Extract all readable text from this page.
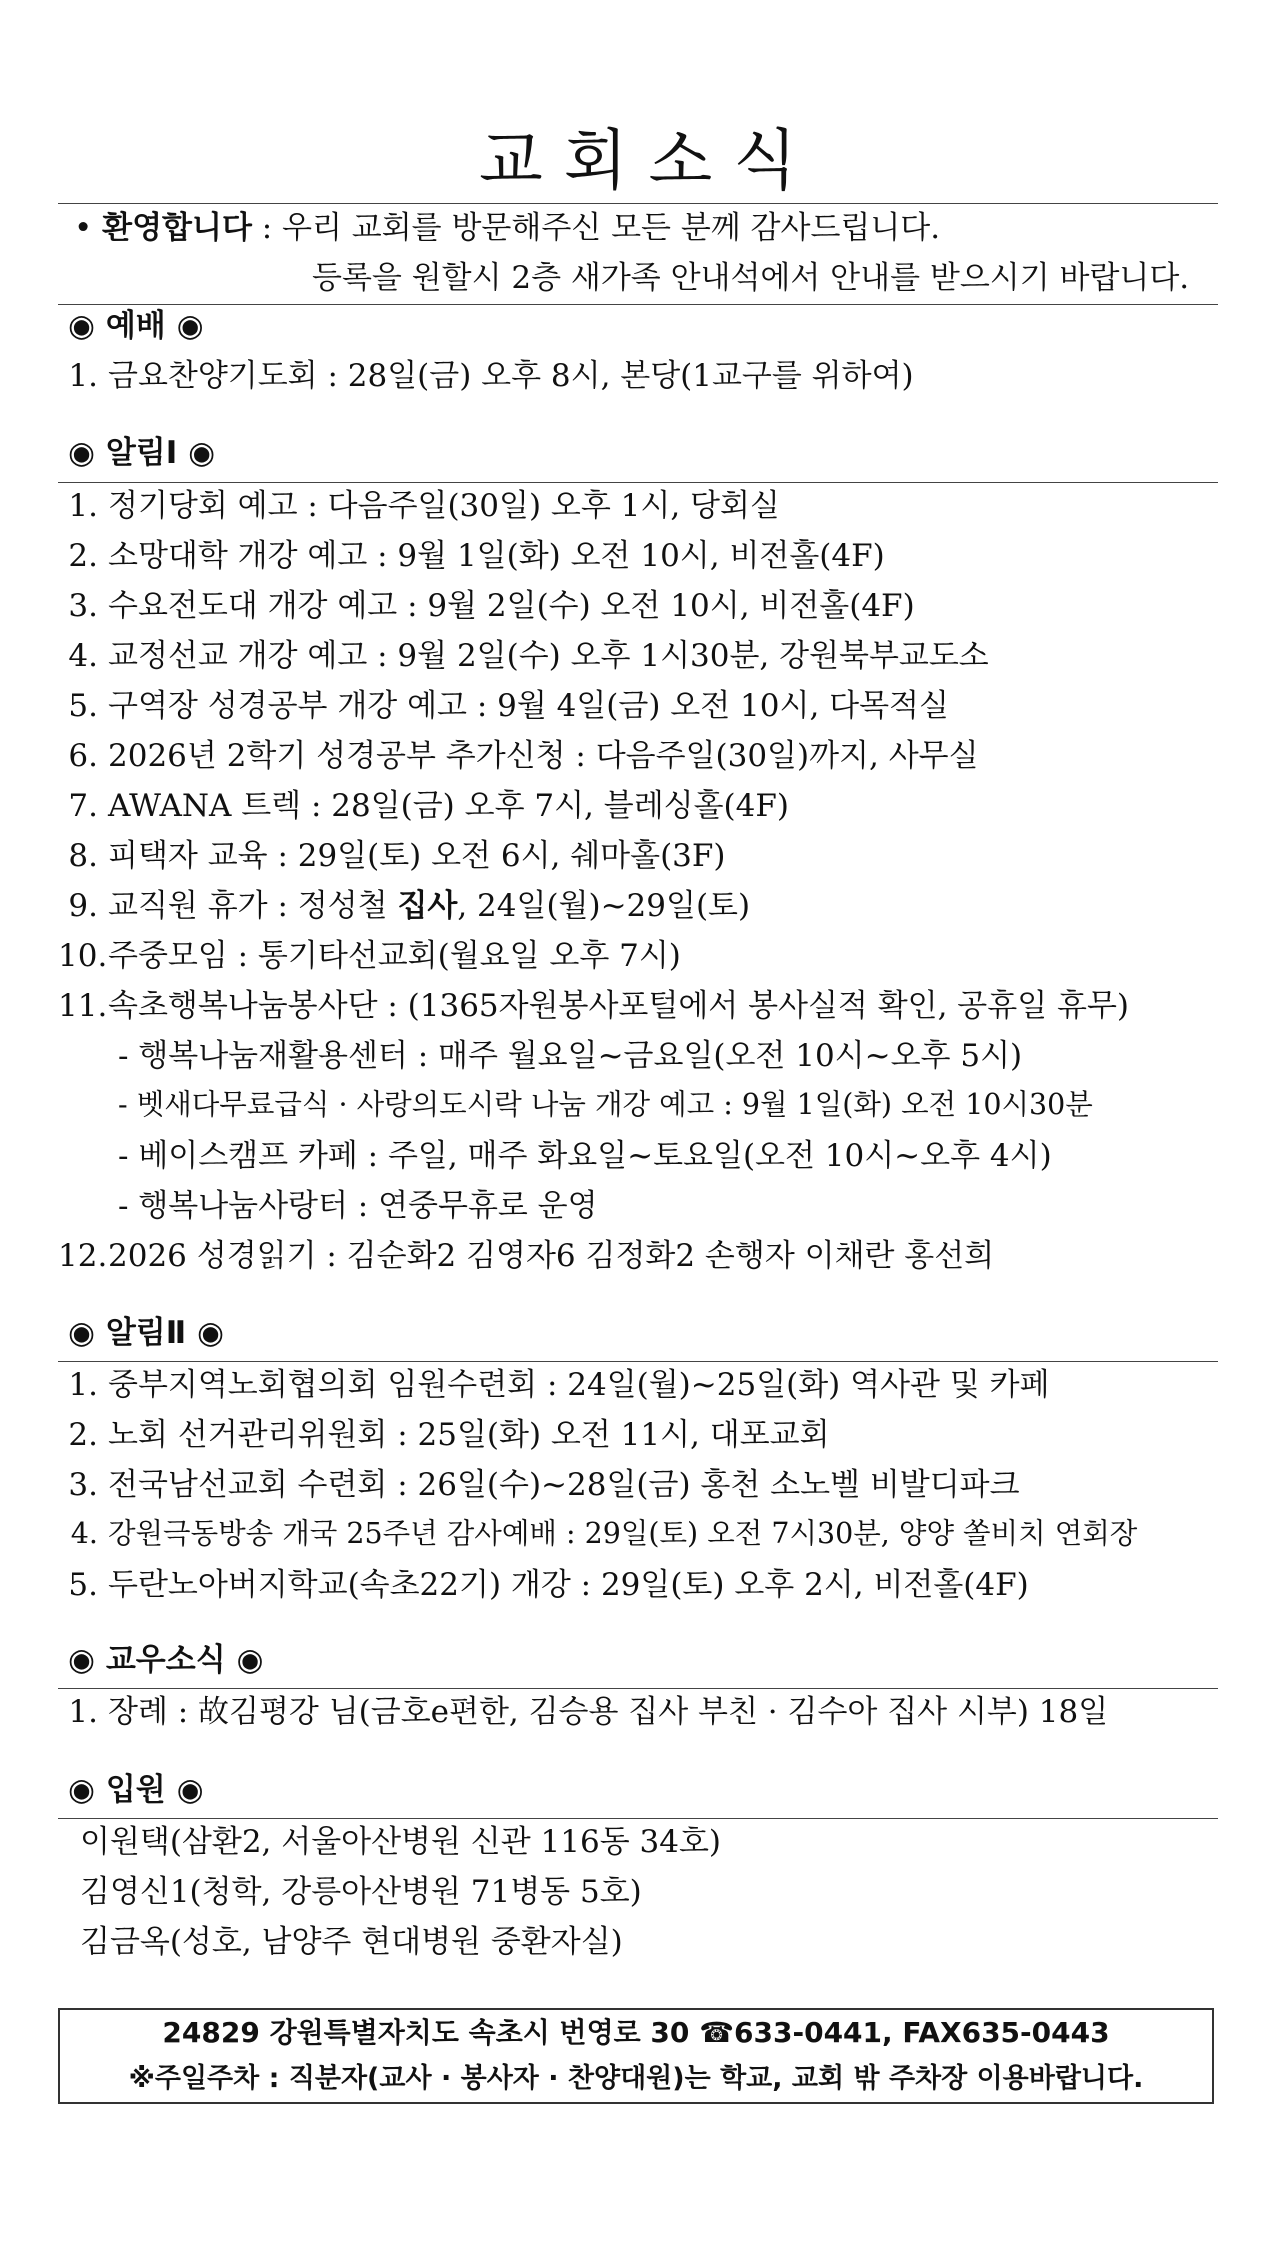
교 회 소 식
• 환영합니다 : 우리 교회를 방문해주신 모든 분께 감사드립니다.
등록을 원할시 2층 새가족 안내석에서 안내를 받으시기 바랍니다.
◉ 예배 ◉
1. 금요찬양기도회 : 28일(금) 오후 8시, 본당(1교구를 위하여)
◉ 알림Ⅰ ◉
1. 정기당회 예고 : 다음주일(30일) 오후 1시, 당회실
2. 소망대학 개강 예고 : 9월 1일(화) 오전 10시, 비전홀(4F)
3. 수요전도대 개강 예고 : 9월 2일(수) 오전 10시, 비전홀(4F)
4. 교정선교 개강 예고 : 9월 2일(수) 오후 1시30분, 강원북부교도소
5. 구역장 성경공부 개강 예고 : 9월 4일(금) 오전 10시, 다목적실
6. 2026년 2학기 성경공부 추가신청 : 다음주일(30일)까지, 사무실
7. AWANA 트렉 : 28일(금) 오후 7시, 블레싱홀(4F)
8. 피택자 교육 : 29일(토) 오전 6시, 쉐마홀(3F)
9. 교직원 휴가 : 정성철 집사, 24일(월)~29일(토)
10.주중모임 : 통기타선교회(월요일 오후 7시)
11.속초행복나눔봉사단 : (1365자원봉사포털에서 봉사실적 확인, 공휴일 휴무)
- 행복나눔재활용센터 : 매주 월요일~금요일(오전 10시~오후 5시)
- 벳새다무료급식 · 사랑의도시락 나눔 개강 예고 : 9월 1일(화) 오전 10시30분
- 베이스캠프 카페 : 주일, 매주 화요일~토요일(오전 10시~오후 4시)
- 행복나눔사랑터 : 연중무휴로 운영
12.2026 성경읽기 : 김순화2 김영자6 김정화2 손행자 이채란 홍선희
◉ 알림Ⅱ ◉
1. 중부지역노회협의회 임원수련회 : 24일(월)~25일(화) 역사관 및 카페
2. 노회 선거관리위원회 : 25일(화) 오전 11시, 대포교회
3. 전국남선교회 수련회 : 26일(수)~28일(금) 홍천 소노벨 비발디파크
4. 강원극동방송 개국 25주년 감사예배 : 29일(토) 오전 7시30분, 양양 쏠비치 연회장
5. 두란노아버지학교(속초22기) 개강 : 29일(토) 오후 2시, 비전홀(4F)
◉ 교우소식 ◉
1. 장례 : 故김평강 님(금호e편한, 김승용 집사 부친 · 김수아 집사 시부) 18일
◉ 입원 ◉
이원택(삼환2, 서울아산병원 신관 116동 34호)
김영신1(청학, 강릉아산병원 71병동 5호)
김금옥(성호, 남양주 현대병원 중환자실)
24829 강원특별자치도 속초시 번영로 30 ☎633-0441, FAX635-0443
※주일주차 : 직분자(교사 · 봉사자 · 찬양대원)는 학교, 교회 밖 주차장 이용바랍니다.
